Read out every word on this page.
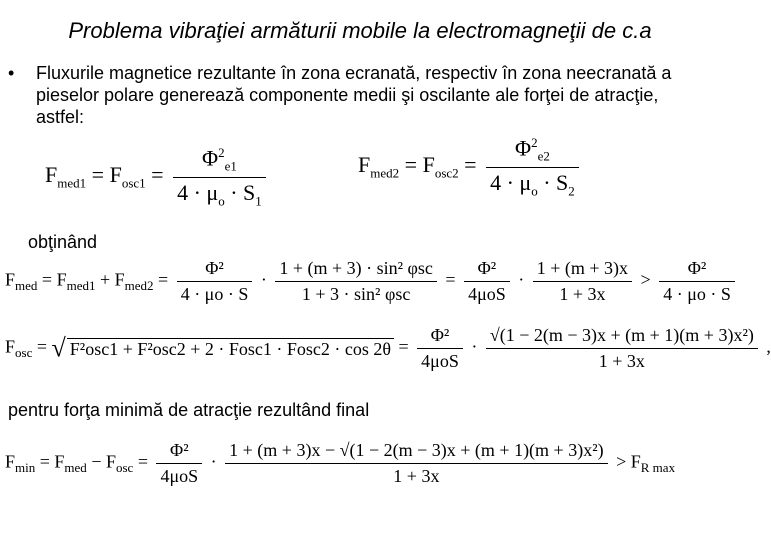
Problema vibraţiei armăturii mobile la electromagneţii de c.a
• Fluxurile magnetice rezultante în zona ecranată, respectiv în zona neecranată a pieselor polare generează componente medii şi oscilante ale forţei de atracţie, astfel:
$F_{med1} = F_{osc1} = \frac{\Phi^2_{e1}}{4 \cdot \mu_o \cdot S_1}$	$F_{med2} = F_{osc2} = \frac{\Phi^2_{e2}}{4 \cdot \mu_o \cdot S_2}$
obţinând
$F_{med} = F_{med1} + F_{med2} = \frac{\text{Φ²}}{4 \cdot \mu o \cdot S} \cdot \frac{\text{1 + (m + 3) · sin² φsc}}{\text{1 + 3 · sin² φsc}} = \frac{\text{Φ²}}{\text{4μoS}} \cdot \frac{1 + (m + 3)x}{1 + 3x} > \frac{\text{Φ²}}{4 \cdot \mu o \cdot S}$
$F_{osc}$ = √ F²osc1 + F²osc2 + 2 · Fosc1 · Fosc2 · $\cos 2\theta = \frac{\text{Φ²}}{\text{4μoS}} \cdot \frac{\text{√(1 − 2(m − 3)x + (m + 1)(m + 3)x²)}}{1 + 3x}$ ,
pentru forţa minimă de atracţie rezultând final
$F_{min} = F_{med} - F_{osc} = \frac{\text{Φ²}}{\text{4μoS}} \cdot \frac{\text{1 + (m + 3)x − √(1 − 2(m − 3)x + (m + 1)(m + 3)x²)}}{1 + 3x} > F_{R max}$
